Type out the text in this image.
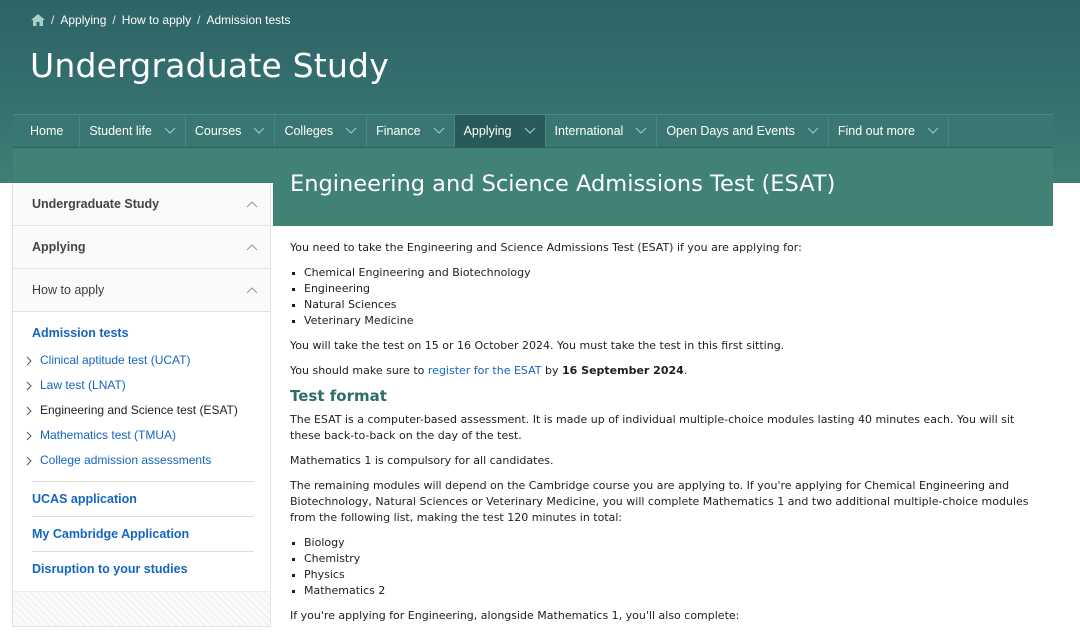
/ Applying / How to apply / Admission tests
Undergraduate Study
Home Student life	Courses	Colleges	Finance	Applying	International	Open Days and Events	Find out more
Engineering and Science Admissions Test (ESAT)
Undergraduate Study
Applying
How to apply
Admission tests
Clinical aptitude test (UCAT)
Law test (LNAT)
Engineering and Science test (ESAT)
Mathematics test (TMUA)
College admission assessments
UCAS application
My Cambridge Application
Disruption to your studies

You need to take the Engineering and Science Admissions Test (ESAT) if you are applying for:

Chemical Engineering and Biotechnology
Engineering
Natural Sciences
Veterinary Medicine

You will take the test on 15 or 16 October 2024. You must take the test in this first sitting.

You should make sure to register for the ESAT by 16 September 2024.

Test format

The ESAT is a computer-based assessment. It is made up of individual multiple-choice modules lasting 40 minutes each. You will sit these back-to-back on the day of the test.

Mathematics 1 is compulsory for all candidates.

The remaining modules will depend on the Cambridge course you are applying to. If you're applying for Chemical Engineering and Biotechnology, Natural Sciences or Veterinary Medicine, you will complete Mathematics 1 and two additional multiple-choice modules from the following list, making the test 120 minutes in total:

Biology
Chemistry
Physics
Mathematics 2

If you're applying for Engineering, alongside Mathematics 1, you'll also complete:
